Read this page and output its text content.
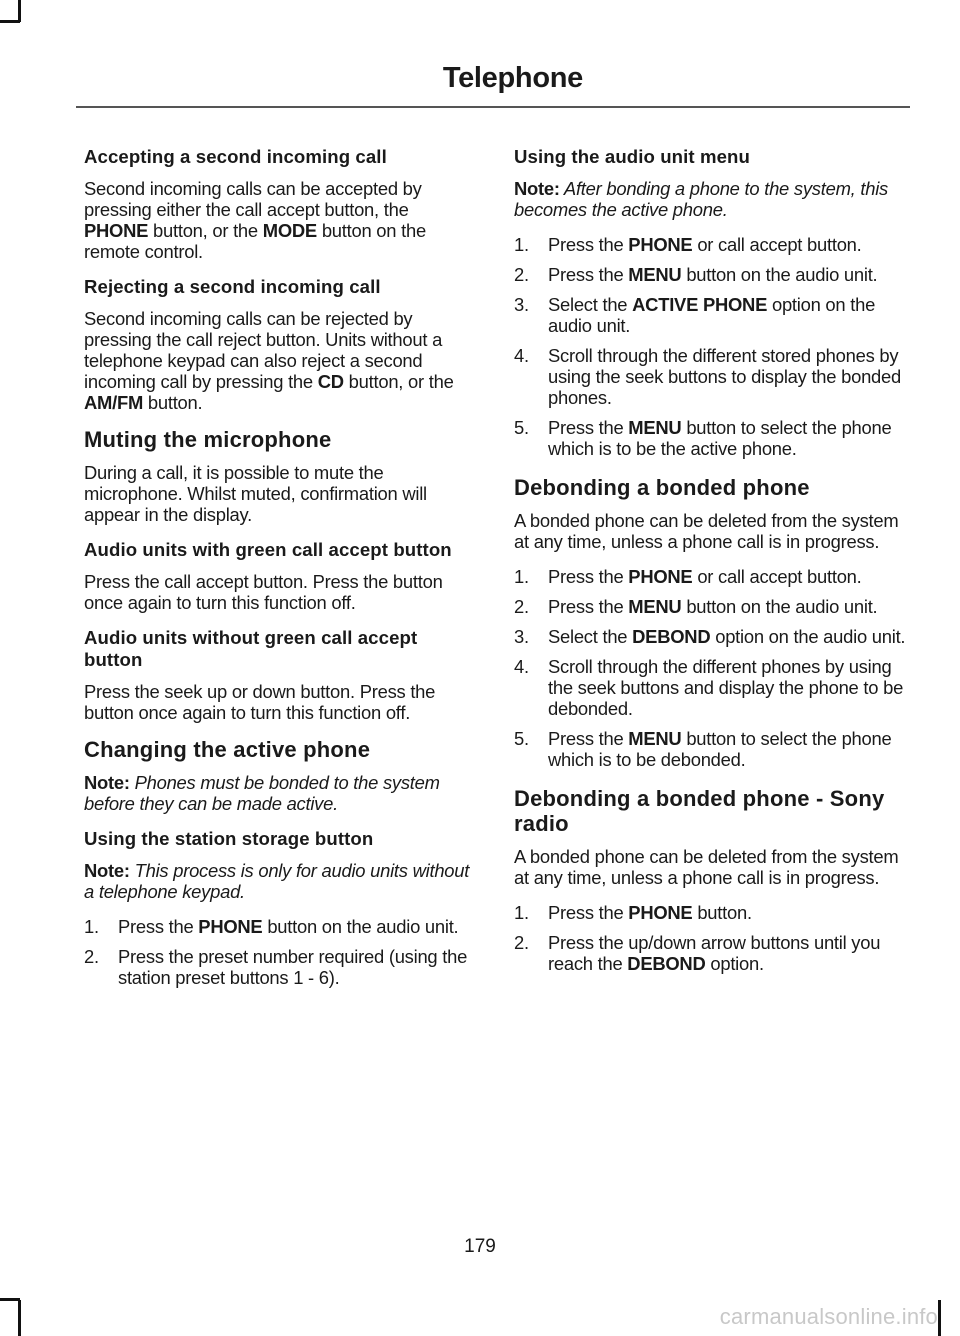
Telephone
Accepting a second incoming call

Second incoming calls can be accepted by pressing either the call accept button, the PHONE button, or the MODE button on the remote control.

Rejecting a second incoming call

Second incoming calls can be rejected by pressing the call reject button. Units without a telephone keypad can also reject a second incoming call by pressing the CD button, or the AM/FM button.

Muting the microphone

During a call, it is possible to mute the microphone. Whilst muted, confirmation will appear in the display.

Audio units with green call accept button

Press the call accept button. Press the button once again to turn this function off.

Audio units without green call accept button

Press the seek up or down button. Press the button once again to turn this function off.

Changing the active phone

Note: Phones must be bonded to the system before they can be made active.

Using the station storage button

Note: This process is only for audio units without a telephone keypad.

1. Press the PHONE button on the audio unit.
2. Press the preset number required (using the station preset buttons 1 - 6).
Using the audio unit menu

Note: After bonding a phone to the system, this becomes the active phone.

1. Press the PHONE or call accept button.
2. Press the MENU button on the audio unit.
3. Select the ACTIVE PHONE option on the audio unit.
4. Scroll through the different stored phones by using the seek buttons to display the bonded phones.
5. Press the MENU button to select the phone which is to be the active phone.
Debonding a bonded phone

A bonded phone can be deleted from the system at any time, unless a phone call is in progress.

1. Press the PHONE or call accept button.
2. Press the MENU button on the audio unit.
3. Select the DEBOND option on the audio unit.
4. Scroll through the different phones by using the seek buttons and display the phone to be debonded.
5. Press the MENU button to select the phone which is to be debonded.
Debonding a bonded phone - Sony radio

A bonded phone can be deleted from the system at any time, unless a phone call is in progress.

1. Press the PHONE button.
2. Press the up/down arrow buttons until you reach the DEBOND option.
179
carmanualsonline.info
